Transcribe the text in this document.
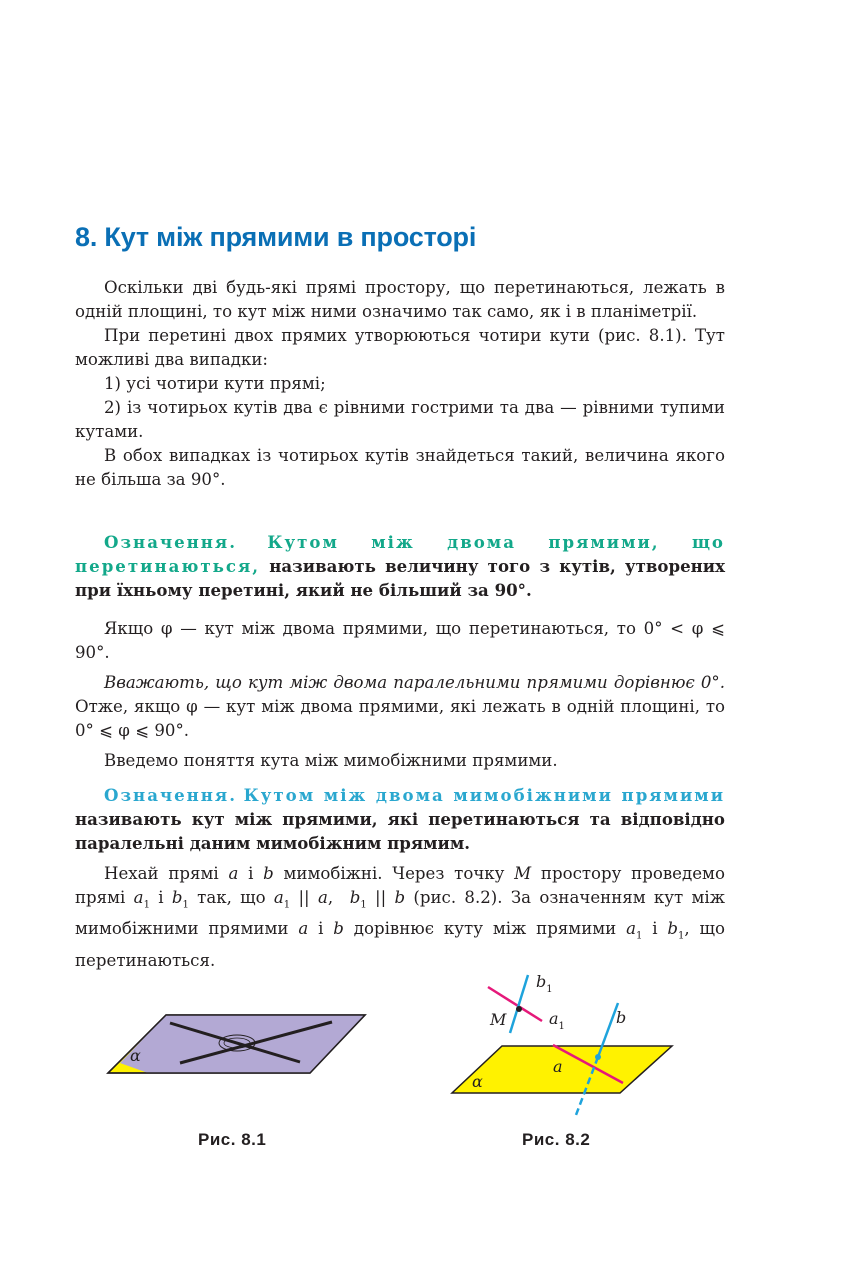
8. Кут між прямими в просторі

Оскільки дві будь-які прямі простору, що перетинаються, лежать в одній площині, то кут між ними означимо так само, як і в планіметрії.

При перетині двох прямих утворюються чотири кути (рис. 8.1). Тут можливі два випадки:

1) усі чотири кути прямі;

2) із чотирьох кутів два є рівними гострими та два — рівними тупими кутами.

В обох випадках із чотирьох кутів знайдеться такий, величина якого не більша за 90°.

Означення. Кутом між двома прямими, що перетинаються, називають величину того з кутів, утворених при їхньому перетині, який не більший за 90°.

Якщо φ — кут між двома прямими, що перетинаються, то 0° < φ ⩽ 90°.

Вважають, що кут між двома паралельними прямими дорівнює 0°. Отже, якщо φ — кут між двома прямими, які лежать в одній площині, то 0° ⩽ φ ⩽ 90°.

Введемо поняття кута між мимобіжними прямими.

Означення. Кутом між двома мимобіжними прямими називають кут між прямими, які перетинаються та відповідно паралельні даним мимобіжним прямим.

Нехай прямі a і b мимобіжні. Через точку M простору проведемо прямі $a_1$ і $b_1$ так, що $a_1$ || a,  $b_1$ || b (рис. 8.2). За означенням кут між мимобіжними прямими a і b дорівнює куту між прямими $a_1$ і $b_1$, що перетинаються.

α
Рис. 8.1
$b_1$
M	$a_1$	b
a
α
Рис. 8.2
